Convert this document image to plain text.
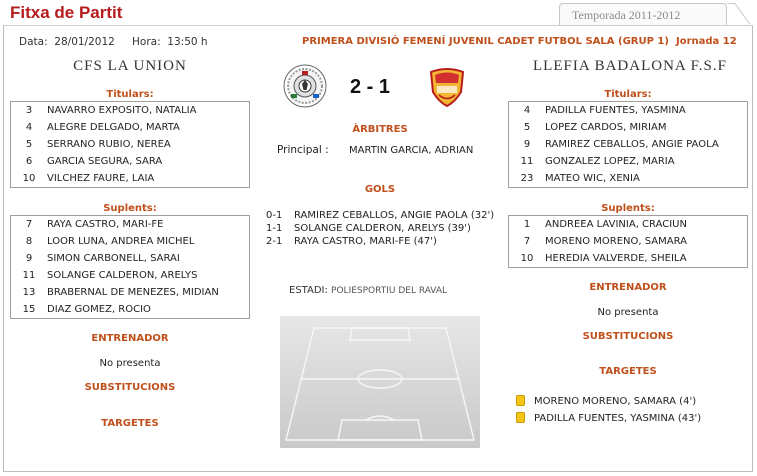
Fitxa de Partit	Temporada 2011-2012
Data: 28/01/2012 Hora: 13:50 h	PRIMERA DIVISIÓ FEMENÍ JUVENIL CADET FUTBOL SALA (GRUP 1) Jornada 12
CFS LA UNION	LLEFIA BADALONA F.S.F
2 - 1
Titulars:
3	NAVARRO EXPOSITO, NATALIA
4	ALEGRE DELGADO, MARTA
5	SERRANO RUBIO, NEREA
6	GARCIA SEGURA, SARA
10	VILCHEZ FAURE, LAIA
Suplents:
7	RAYA CASTRO, MARI-FE
8	LOOR LUNA, ANDREA MICHEL
9	SIMON CARBONELL, SARAI
11	SOLANGE CALDERON, ARELYS
13	BRABERNAL DE MENEZES, MIDIAN
15	DIAZ GOMEZ, ROCIO
ENTRENADOR
No presenta
SUBSTITUCIONS
TARGETES
ÀRBITRES
Principal : MARTIN GARCIA, ADRIAN
GOLS
0-1 RAMIREZ CEBALLOS, ANGIE PAOLA (32')
1-1 SOLANGE CALDERON, ARELYS (39')
2-1 RAYA CASTRO, MARI-FE (47')
ESTADI: POLIESPORTIU DEL RAVAL
Titulars:
4	PADILLA FUENTES, YASMINA
5	LOPEZ CARDOS, MIRIAM
9	RAMIREZ CEBALLOS, ANGIE PAOLA
11	GONZALEZ LOPEZ, MARIA
23	MATEO WIC, XENIA
Suplents:
1	ANDREEA LAVINIA, CRACIUN
7	MORENO MORENO, SAMARA
10	HEREDIA VALVERDE, SHEILA
ENTRENADOR
No presenta
SUBSTITUCIONS
TARGETES
MORENO MORENO, SAMARA (4')
PADILLA FUENTES, YASMINA (43')
